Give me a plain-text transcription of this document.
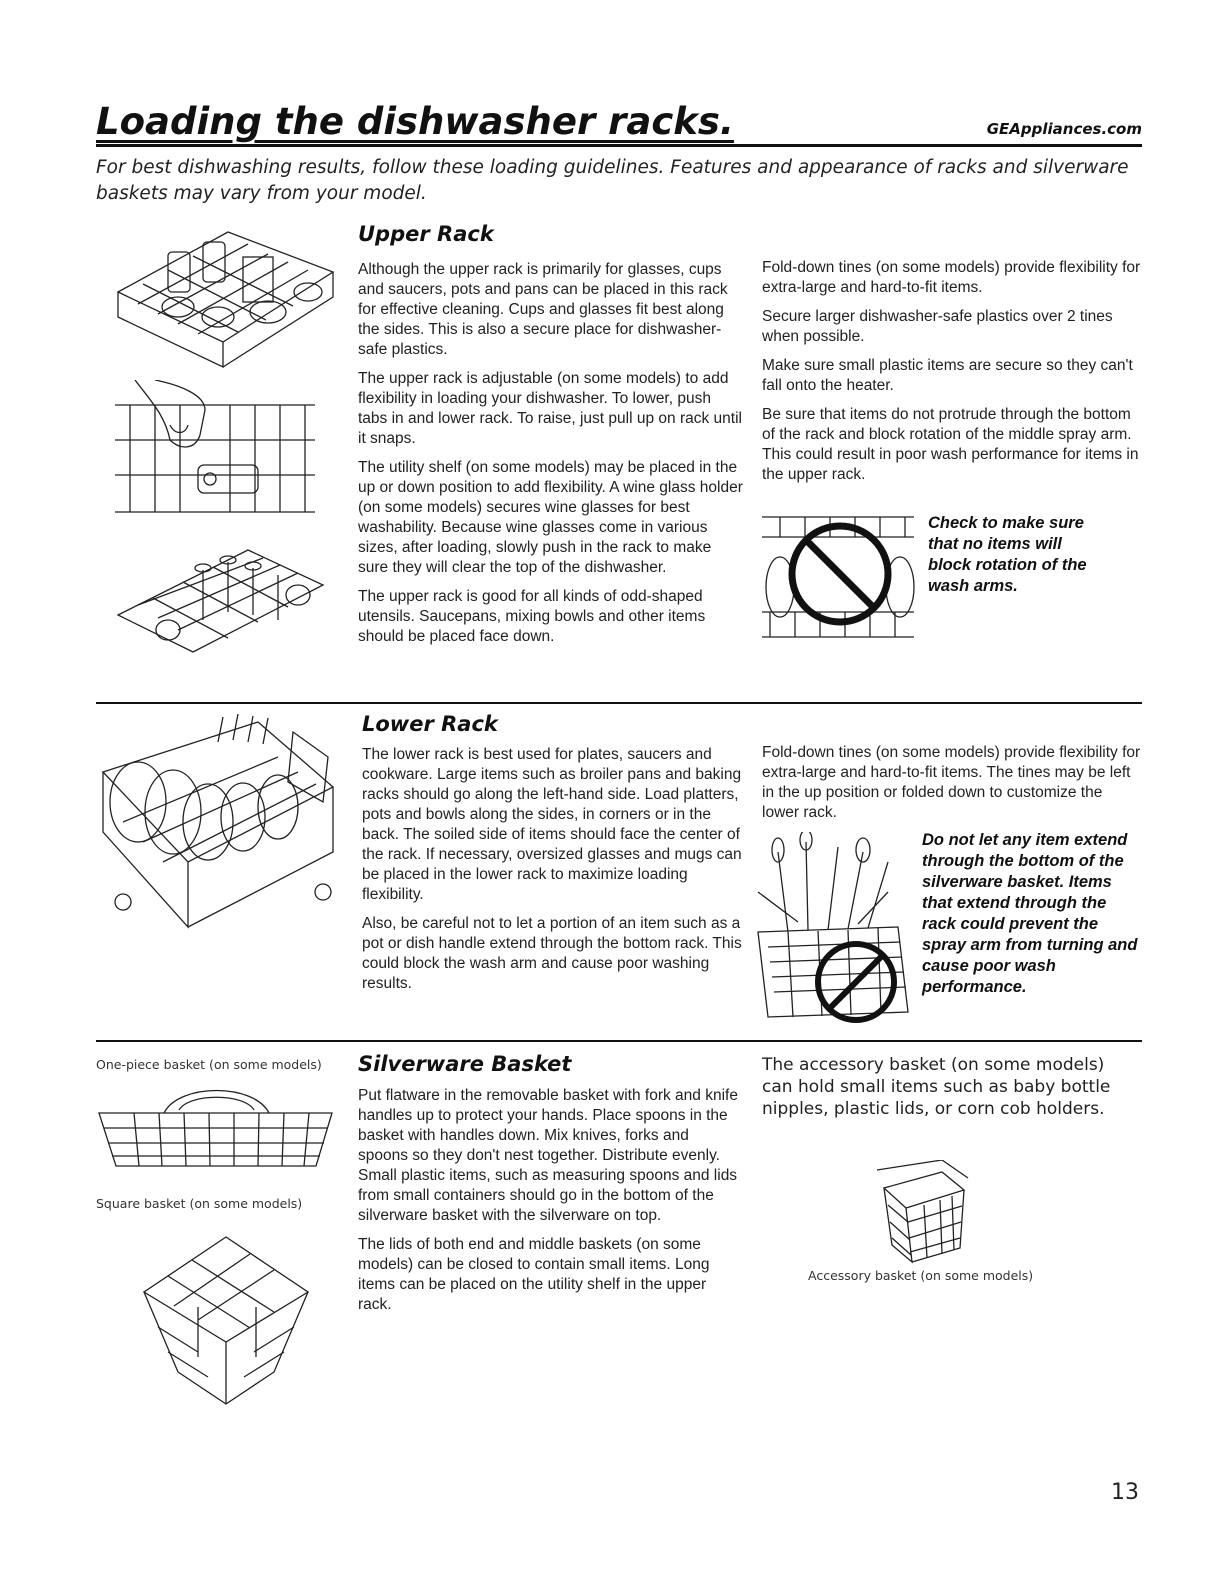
Loading the dishwasher racks.	GEAppliances.com
For best dishwashing results, follow these loading guidelines. Features and appearance of racks and silverware baskets may vary from your model.
Upper Rack

Although the upper rack is primarily for glasses, cups and saucers, pots and pans can be placed in this rack for effective cleaning. Cups and glasses fit best along the sides. This is also a secure place for dishwasher-safe plastics.

The upper rack is adjustable (on some models) to add flexibility in loading your dishwasher. To lower, push tabs in and lower rack. To raise, just pull up on rack until it snaps.

The utility shelf (on some models) may be placed in the up or down position to add flexibility. A wine glass holder (on some models) secures wine glasses for best washability. Because wine glasses come in various sizes, after loading, slowly push in the rack to make sure they will clear the top of the dishwasher.

The upper rack is good for all kinds of odd-shaped utensils. Saucepans, mixing bowls and other items should be placed face down.

Fold-down tines (on some models) provide flexibility for extra-large and hard-to-fit items.

Secure larger dishwasher-safe plastics over 2 tines when possible.

Make sure small plastic items are secure so they can't fall onto the heater.

Be sure that items do not protrude through the bottom of the rack and block rotation of the middle spray arm. This could result in poor wash performance for items in the upper rack.

Check to make sure that no items will block rotation of the wash arms.
Lower Rack

The lower rack is best used for plates, saucers and cookware. Large items such as broiler pans and baking racks should go along the left-hand side. Load platters, pots and bowls along the sides, in corners or in the back. The soiled side of items should face the center of the rack. If necessary, oversized glasses and mugs can be placed in the lower rack to maximize loading flexibility.

Also, be careful not to let a portion of an item such as a pot or dish handle extend through the bottom rack. This could block the wash arm and cause poor washing results.

Fold-down tines (on some models) provide flexibility for extra-large and hard-to-fit items. The tines may be left in the up position or folded down to customize the lower rack.

Do not let any item extend through the bottom of the silverware basket. Items that extend through the rack could prevent the spray arm from turning and cause poor wash performance.
One-piece basket (on some models)
Square basket (on some models)
Silverware Basket

Put flatware in the removable basket with fork and knife handles up to protect your hands. Place spoons in the basket with handles down. Mix knives, forks and spoons so they don't nest together. Distribute evenly. Small plastic items, such as measuring spoons and lids from small containers should go in the bottom of the silverware basket with the silverware on top.

The lids of both end and middle baskets (on some models) can be closed to contain small items. Long items can be placed on the utility shelf in the upper rack.

The accessory basket (on some models) can hold small items such as baby bottle nipples, plastic lids, or corn cob holders.
Accessory basket (on some models)
13
